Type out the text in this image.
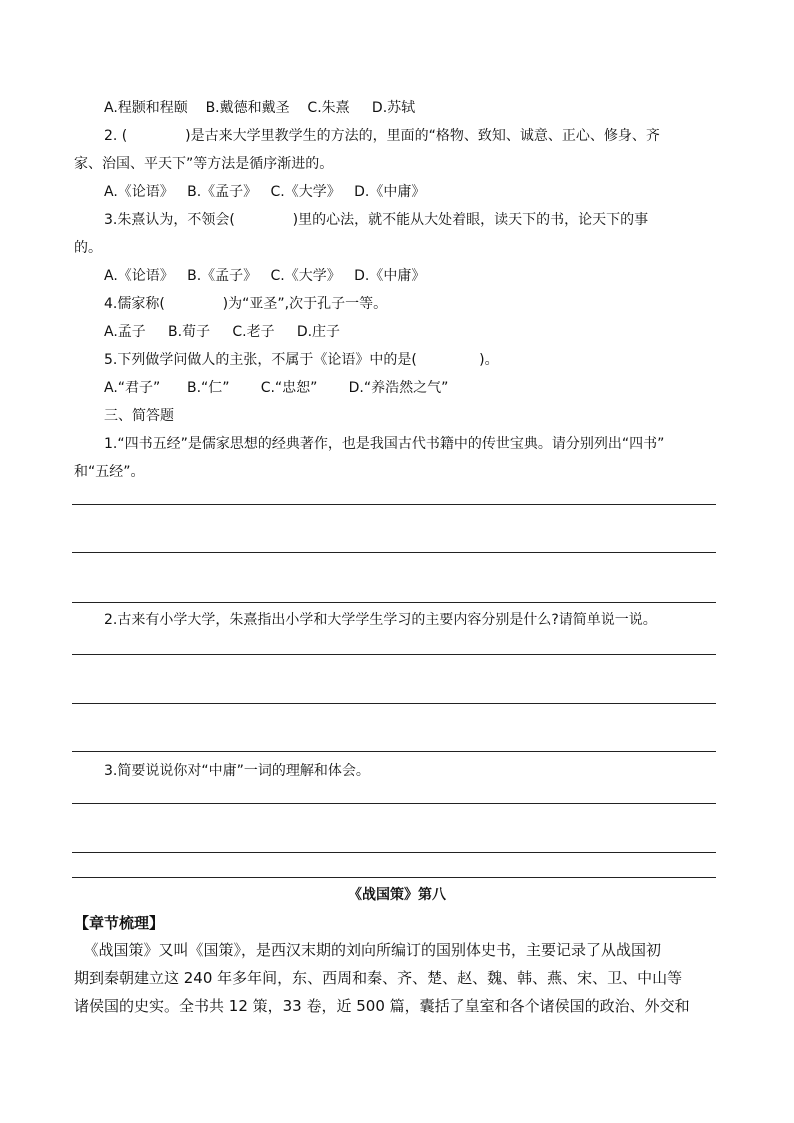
A.程颢和程颐    B.戴德和戴圣    C.朱熹     D.苏轼
2. (             )是古来大学里教学生的方法的，里面的“格物、致知、诚意、正心、修身、齐
家、治国、平天下”等方法是循序渐进的。
A.《论语》   B.《孟子》   C.《大学》   D.《中庸》
3.朱熹认为，不领会(             )里的心法，就不能从大处着眼，读天下的书，论天下的事
的。
A.《论语》   B.《孟子》   C.《大学》   D.《中庸》
4.儒家称(             )为“亚圣”,次于孔子一等。
A.孟子     B.荀子     C.老子     D.庄子
5.下列做学问做人的主张，不属于《论语》中的是(              )。
A.“君子”      B.“仁”       C.“忠恕”       D.“养浩然之气”
三、简答题
1.“四书五经”是儒家思想的经典著作，也是我国古代书籍中的传世宝典。请分别列出“四书”
和“五经”。
2.古来有小学大学，朱熹指出小学和大学学生学习的主要内容分别是什么?请简单说一说。
3.简要说说你对“中庸”一词的理解和体会。
《战国策》第八
【章节梳理】
《战国策》又叫《国策》，是西汉末期的刘向所编订的国别体史书，主要记录了从战国初
期到秦朝建立这 240 年多年间，东、西周和秦、齐、楚、赵、魏、韩、燕、宋、卫、中山等
诸侯国的史实。全书共 12 策，33 卷，近 500 篇，囊括了皇室和各个诸侯国的政治、外交和
